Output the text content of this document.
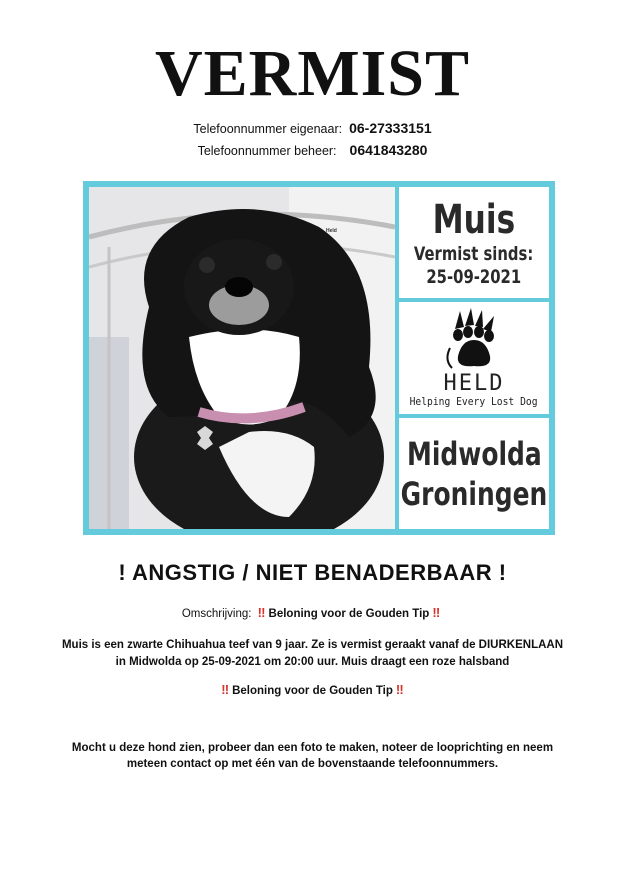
VERMIST
Telefoonnummer eigenaar: 06-27333151
Telefoonnummer beheer: 0641843280
Held Muis
Vermist sinds:
25-09-2021
HELD
Helping Every Lost Dog
Midwolda
Groningen
! ANGSTIG / NIET BENADERBAAR !
Omschrijving: ‼ Beloning voor de Gouden Tip ‼
Muis is een zwarte Chihuahua teef van 9 jaar. Ze is vermist geraakt vanaf de DIURKENLAAN in Midwolda op 25-09-2021 om 20:00 uur. Muis draagt een roze halsband
‼ Beloning voor de Gouden Tip ‼
Mocht u deze hond zien, probeer dan een foto te maken, noteer de looprichting en neem meteen contact op met één van de bovenstaande telefoonnummers.
